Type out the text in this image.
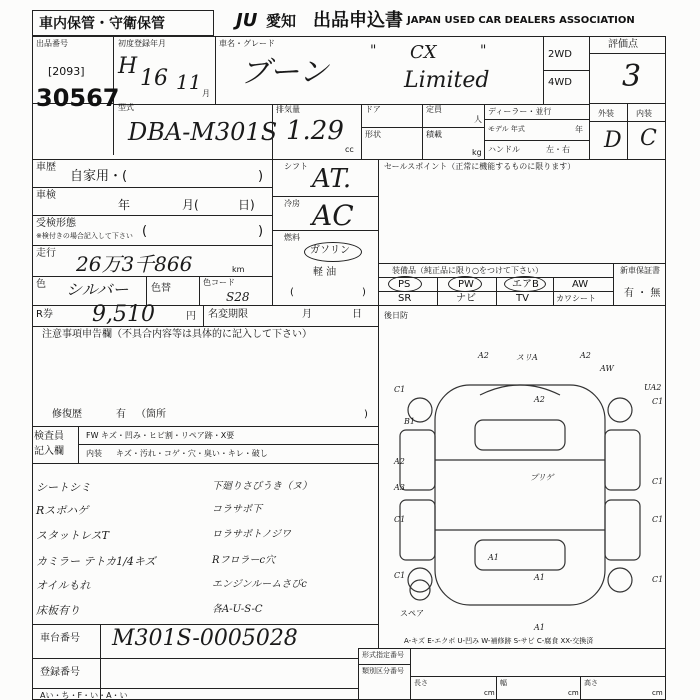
車内保管・守衛保管	JU 愛知 出品申込書 JAPAN USED CAR DEALERS ASSOCIATION
出品番号
[2093]
30567
初度登録年月
H 16 11 月
車名・グレード
ブーン
" CX	"
Limited
2WD
4WD
評価点
3
外装	内装
D C
型式
DBA-M301S
排気量
1.29
cc
ドア	定員
人
形状	積載
kg
ディーラー・並行
モデル 年式	年
ハンドル	左・右
車歴
自家用・(	)
車検
年	月(	日)
受検形態
※検付きの場合記入して下さい (	)
走行 26万3千866	km
色 シルバー 色替
色コード
S28
シフト AT.
冷房 AC
燃料
ガソリン
軽 油
(	)
セールスポイント（正常に機能するものに限ります）
装備品（純正品に限り○をつけて下さい）
PS	PW	エアB	AW
SR	ナビ	TV	カワシート
新車保証書
有 ・ 無
R券 9,510	円 名変期限	月	日	後日防
注意事項申告欄（不具合内容等は具体的に記入して下さい）
修復歴	有 （箇所	)
検査員
記入欄
FW キズ・凹み・ヒビ割・リペア跡・X要
内装 キズ・汚れ・コゲ・穴・臭い・キレ・破し
シートシミ	下廻りさびうき（ヌ）
Rスポハゲ	コラサポ下
スタットレスT	ロラサポトノジワ
カミラー テトカ1/4キズ	Rフロラーc穴
オイルもれ	エンジンルームさびc
床板有り	各A-U-S-C
A2	スリA	A2
AW
A2
UA2
C1
C1
B1
C1
A2
A3
C1	C1
C1
A1
A1
A1
C1
プリゲ
スペア
A-キズ E-エクボ U-凹み W-補修跡 S-サビ C-腐食 XX-交換済
車台番号 M301S-0005028
登録番号
Aい・ち・F・い・A・い
形式指定番号
類別区分番号
長さ
cm
幅
cm
高さ
cm
